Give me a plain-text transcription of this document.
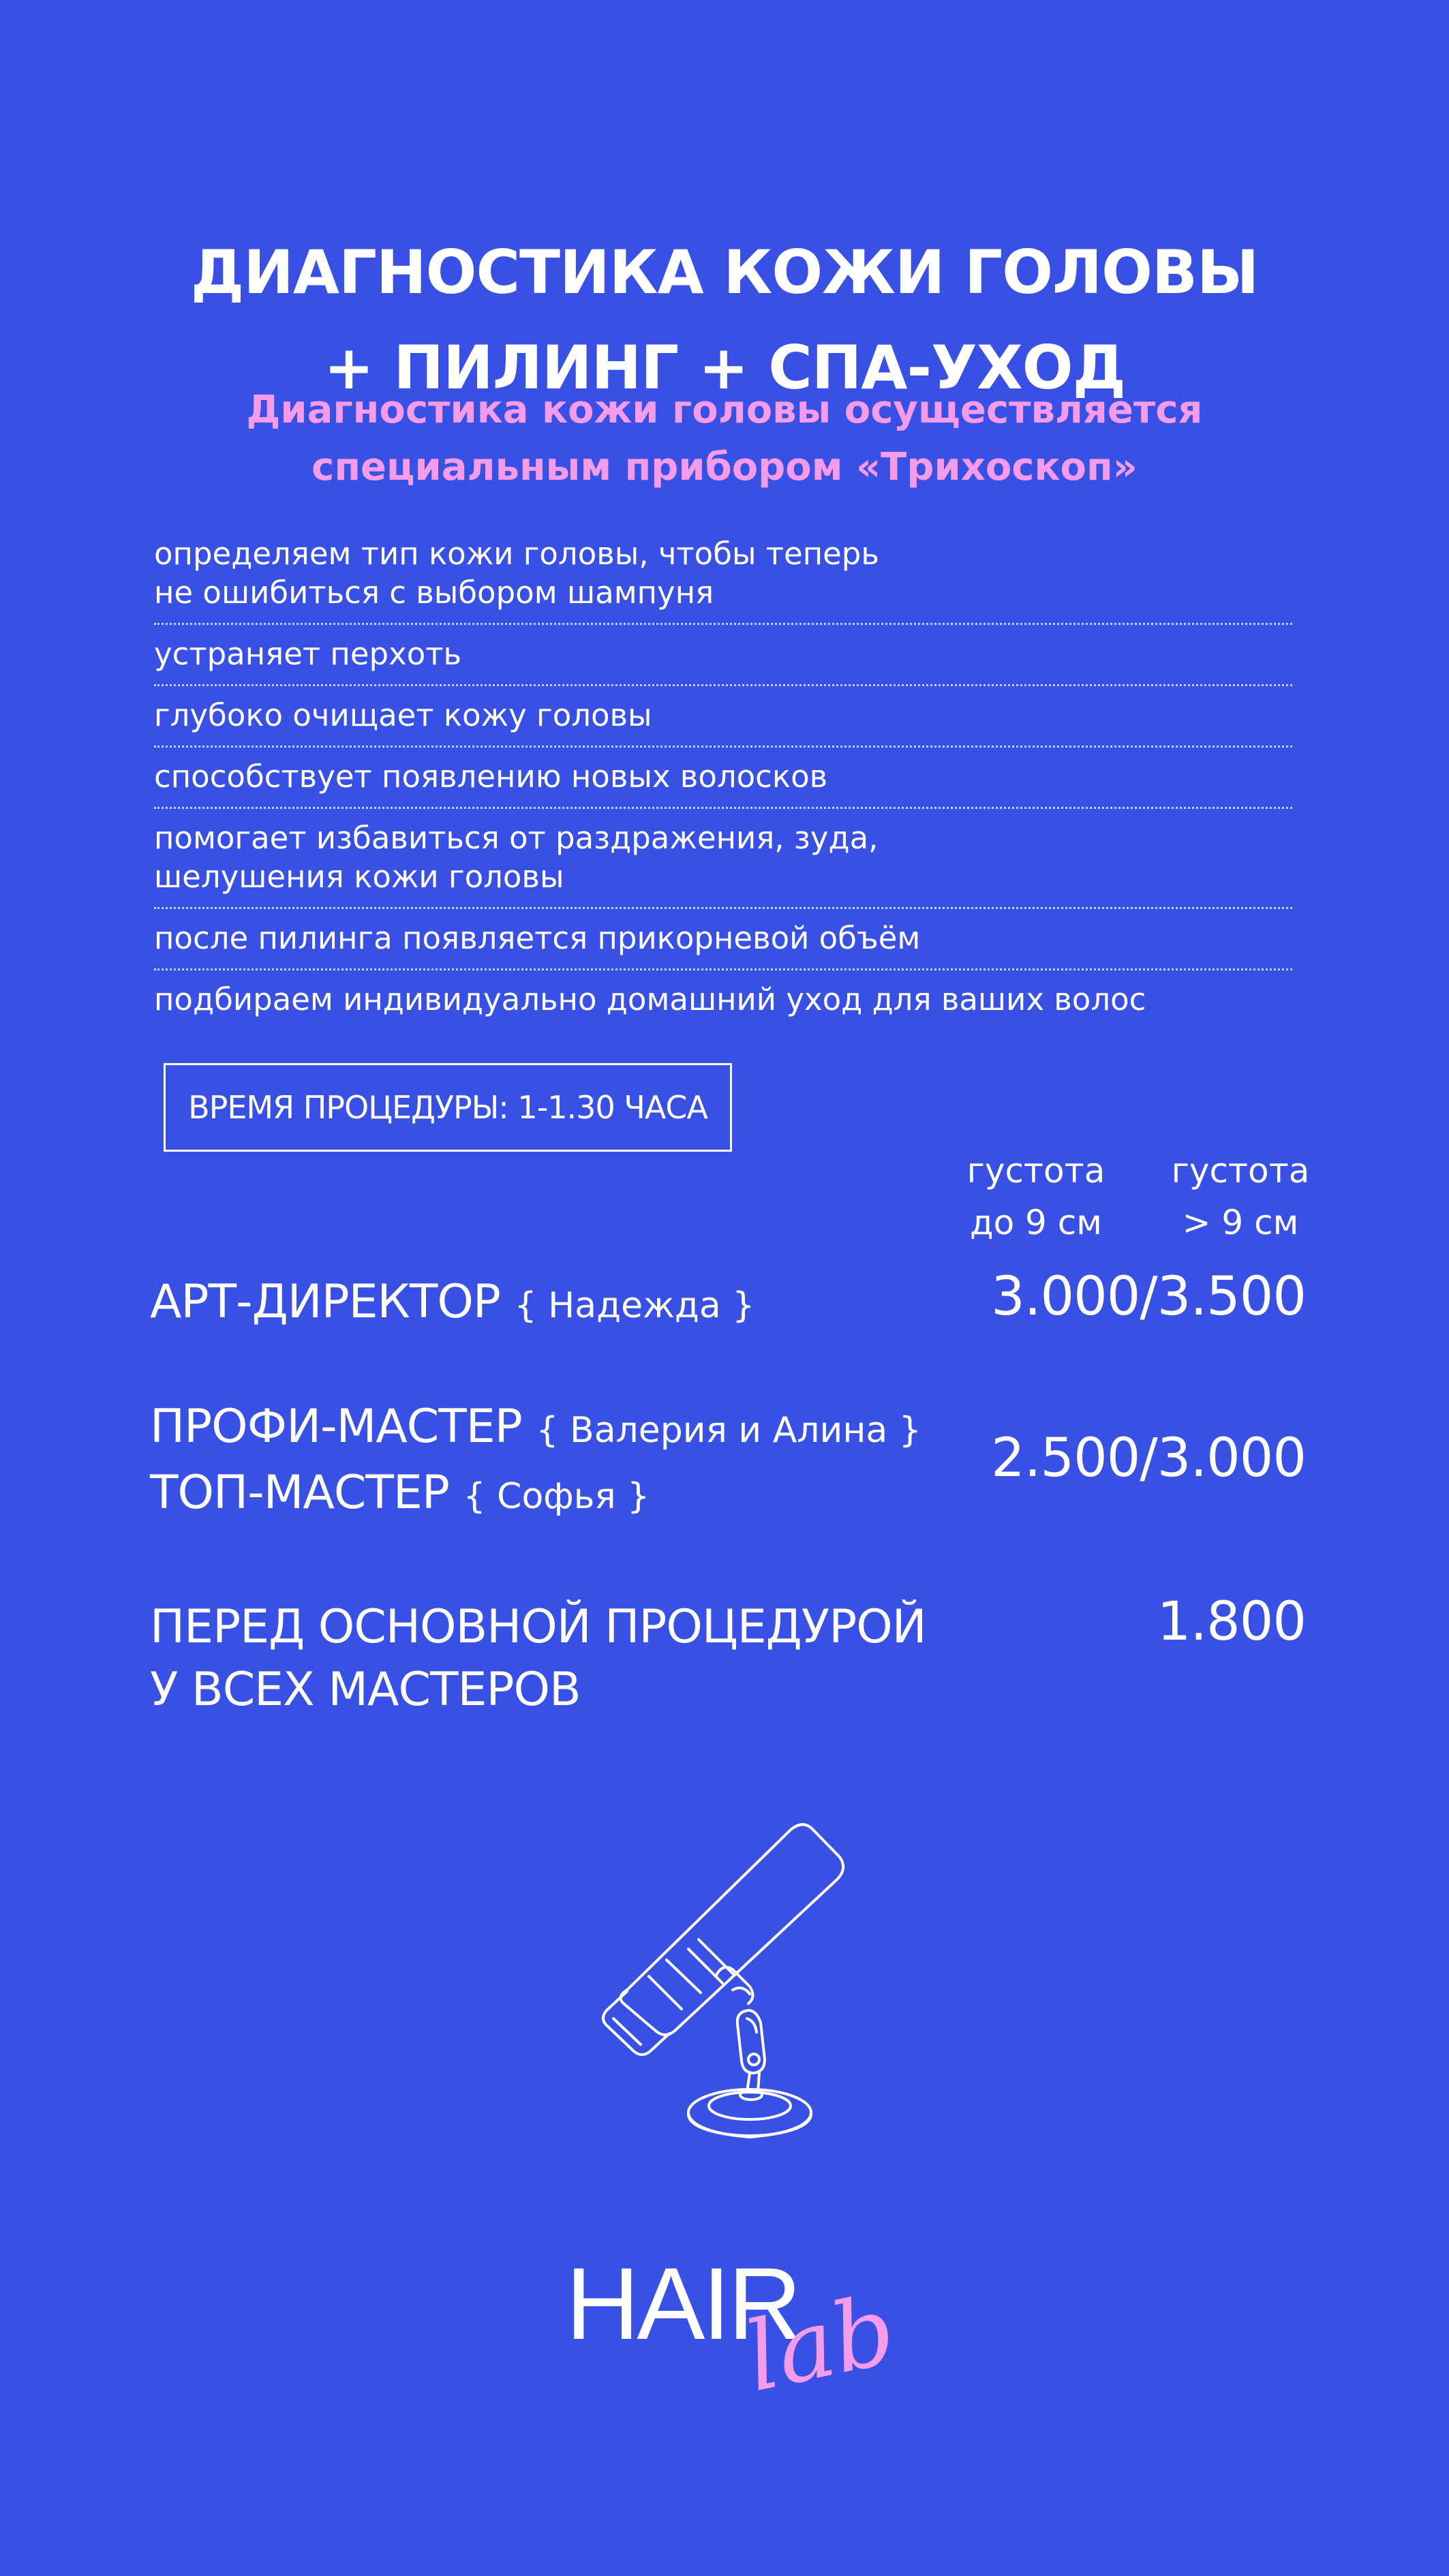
ДИАГНОСТИКА КОЖИ ГОЛОВЫ
+ ПИЛИНГ + СПА-УХОД
Диагностика кожи головы осуществляется
специальным прибором «Трихоскоп»
определяем тип кожи головы, чтобы теперь
не ошибиться с выбором шампуня
устраняет перхоть
глубоко очищает кожу головы
способствует появлению новых волосков
помогает избавиться от раздражения, зуда,
шелушения кожи головы
после пилинга появляется прикорневой объём
подбираем индивидуально домашний уход для ваших волос
ВРЕМЯ ПРОЦЕДУРЫ: 1-1.30 ЧАСА
густота
до 9 см
густота
> 9 см
АРТ-ДИРЕКТОР { Надежда }	3.000/3.500
ПРОФИ-МАСТЕР { Валерия и Алина }
ТОП-МАСТЕР { Софья }
2.500/3.000
ПЕРЕД ОСНОВНОЙ ПРОЦЕДУРОЙ
У ВСЕХ МАСТЕРОВ
1.800
HAIR
lab
